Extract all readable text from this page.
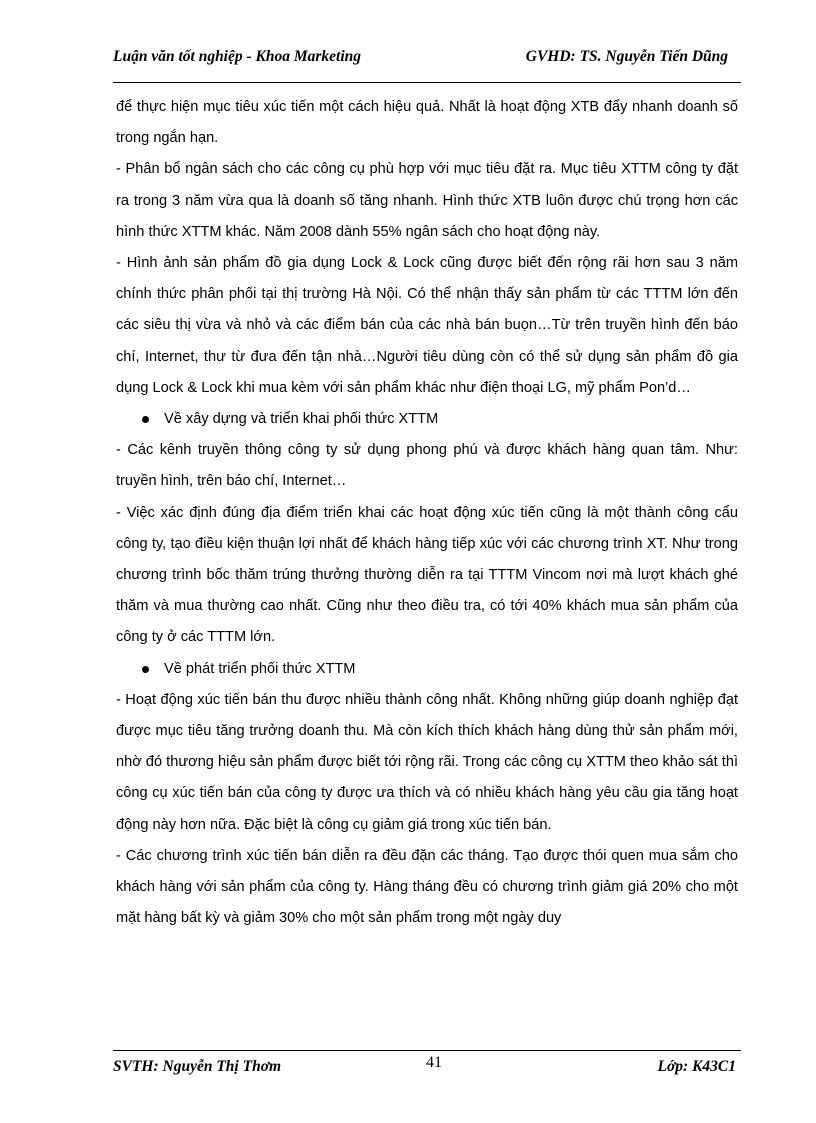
Luận văn tốt nghiệp - Khoa Marketing	GVHD: TS. Nguyễn Tiến Dũng

để thực hiện mục tiêu xúc tiến một cách hiệu quả. Nhất là hoạt động XTB đẩy nhanh doanh số trong ngắn hạn.

- Phân bổ ngân sách cho các công cụ phù hợp với mục tiêu đặt ra. Mục tiêu XTTM công ty đặt ra trong 3 năm vừa qua là doanh số tăng nhanh. Hình thức XTB luôn được chú trọng hơn các hình thức XTTM khác. Năm 2008 dành 55% ngân sách cho hoạt động này.

- Hình ảnh sản phẩm đồ gia dụng Lock & Lock cũng được biết đến rộng rãi hơn sau 3 năm chính thức phân phối tại thị trường Hà Nội. Có thể nhận thấy sản phẩm từ các TTTM lớn đến các siêu thị vừa và nhỏ và các điểm bán của các nhà bán buọn…Từ trên truyền hình đến báo chí, Internet, thư từ đưa đến tận nhà…Người tiêu dùng còn có thể sử dụng sản phẩm đồ gia dụng Lock & Lock khi mua kèm với sản phẩm khác như điện thoại LG, mỹ phẩm Pon’d…

Về xây dựng và triển khai phối thức XTTM

- Các kênh truyền thông công ty sử dụng phong phú và được khách hàng quan tâm. Như: truyền hình, trên báo chí, Internet…

- Việc xác định đúng địa điểm triển khai các hoạt động xúc tiến cũng là một thành công cẩu công ty, tạo điều kiện thuận lợi nhất để khách hàng tiếp xúc với các chương trình XT. Như trong chương trình bốc thăm trúng thưởng thường diễn ra tại TTTM Vincom nơi mà lượt khách ghé thăm và mua thường cao nhất. Cũng như theo điều tra, có tới 40% khách mua sản phẩm của công ty ở các TTTM lớn.

Về phát triển phối thức XTTM

- Hoạt động xúc tiến bán thu được nhiều thành công nhất. Không những giúp doanh nghiệp đạt được mục tiêu tăng trưởng doanh thu. Mà còn kích thích khách hàng dùng thử sản phẩm mới, nhờ đó thương hiệu sản phẩm được biết tới rộng rãi. Trong các công cụ XTTM theo khảo sát thì công cụ xúc tiến bán của công ty được ưa thích và có nhiều khách hàng yêu cầu gia tăng hoạt động này hơn nữa. Đặc biệt là công cụ giảm giá trong xúc tiến bán.

- Các chương trình xúc tiến bán diễn ra đều đặn các tháng. Tạo được thói quen mua sắm cho khách hàng với sản phẩm của công ty. Hàng tháng đều có chương trình giảm giá 20% cho một mặt hàng bất kỳ và giảm 30% cho một sản phẩm trong một ngày duy

SVTH: Nguyễn Thị Thơm	41	Lớp: K43C1
